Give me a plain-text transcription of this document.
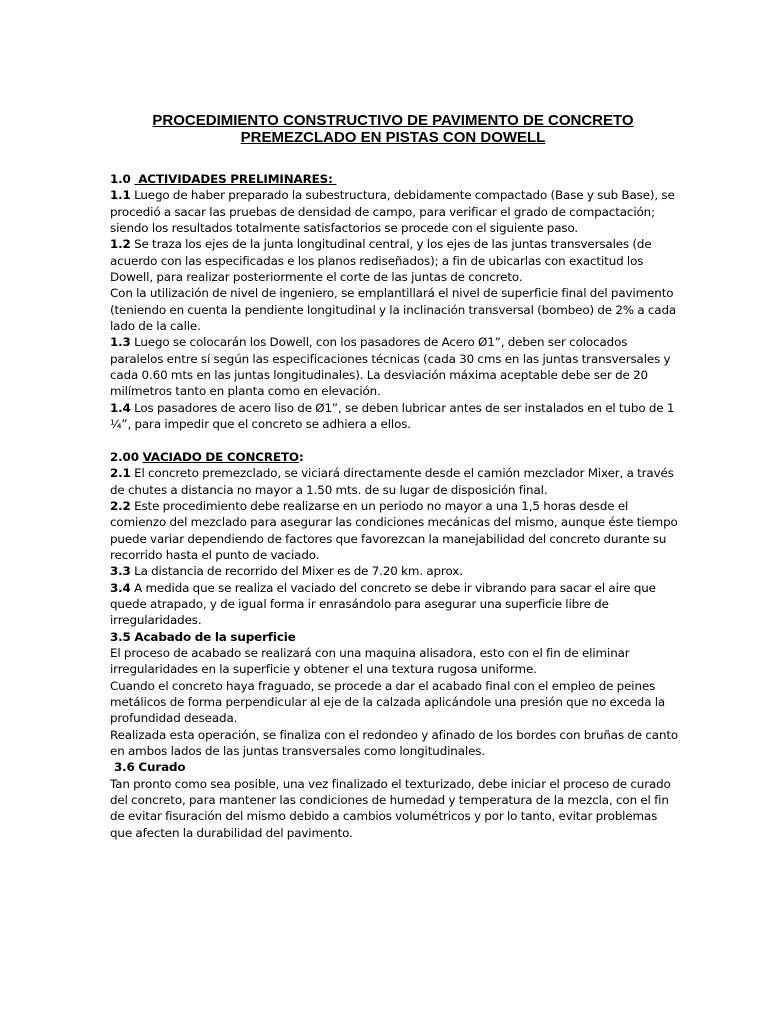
PROCEDIMIENTO CONSTRUCTIVO DE PAVIMENTO DE CONCRETO
PREMEZCLADO EN PISTAS CON DOWELL

1.0 ACTIVIDADES PRELIMINARES:

1.1 Luego de haber preparado la subestructura, debidamente compactado (Base y sub Base), se procedió a sacar las pruebas de densidad de campo, para verificar el grado de compactación; siendo los resultados totalmente satisfactorios se procede con el siguiente paso.

1.2 Se traza los ejes de la junta longitudinal central, y los ejes de las juntas transversales (de acuerdo con las especificadas e los planos rediseñados); a fin de ubicarlas con exactitud los Dowell, para realizar posteriormente el corte de las juntas de concreto.

Con la utilización de nivel de ingeniero, se emplantillará el nivel de superficie final del pavimento (teniendo en cuenta la pendiente longitudinal y la inclinación transversal (bombeo) de 2% a cada lado de la calle.

1.3 Luego se colocarán los Dowell, con los pasadores de Acero Ø1”, deben ser colocados paralelos entre sí según las especificaciones técnicas (cada 30 cms en las juntas transversales y cada 0.60 mts en las juntas longitudinales). La desviación máxima aceptable debe ser de 20 milímetros tanto en planta como en elevación.

1.4 Los pasadores de acero liso de Ø1”, se deben lubricar antes de ser instalados en el tubo de 1 ¼”, para impedir que el concreto se adhiera a ellos.

2.00 VACIADO DE CONCRETO:

2.1 El concreto premezclado, se viciará directamente desde el camión mezclador Mixer, a través de chutes a distancia no mayor a 1.50 mts. de su lugar de disposición final.

2.2 Este procedimiento debe realizarse en un periodo no mayor a una 1,5 horas desde el comienzo del mezclado para asegurar las condiciones mecánicas del mismo, aunque éste tiempo puede variar dependiendo de factores que favorezcan la manejabilidad del concreto durante su recorrido hasta el punto de vaciado.

3.3 La distancia de recorrido del Mixer es de 7.20 km. aprox.

3.4 A medida que se realiza el vaciado del concreto se debe ir vibrando para sacar el aire que quede atrapado, y de igual forma ir enrasándolo para asegurar una superficie libre de irregularidades.

3.5 Acabado de la superficie

El proceso de acabado se realizará con una maquina alisadora, esto con el fin de eliminar irregularidades en la superficie y obtener el una textura rugosa uniforme.

Cuando el concreto haya fraguado, se procede a dar el acabado final con el empleo de peines metálicos de forma perpendicular al eje de la calzada aplicándole una presión que no exceda la profundidad deseada.

Realizada esta operación, se finaliza con el redondeo y afinado de los bordes con bruñas de canto en ambos lados de las juntas transversales como longitudinales.

3.6 Curado

Tan pronto como sea posible, una vez finalizado el texturizado, debe iniciar el proceso de curado del concreto, para mantener las condiciones de humedad y temperatura de la mezcla, con el fin de evitar fisuración del mismo debido a cambios volumétricos y por lo tanto, evitar problemas que afecten la durabilidad del pavimento.
